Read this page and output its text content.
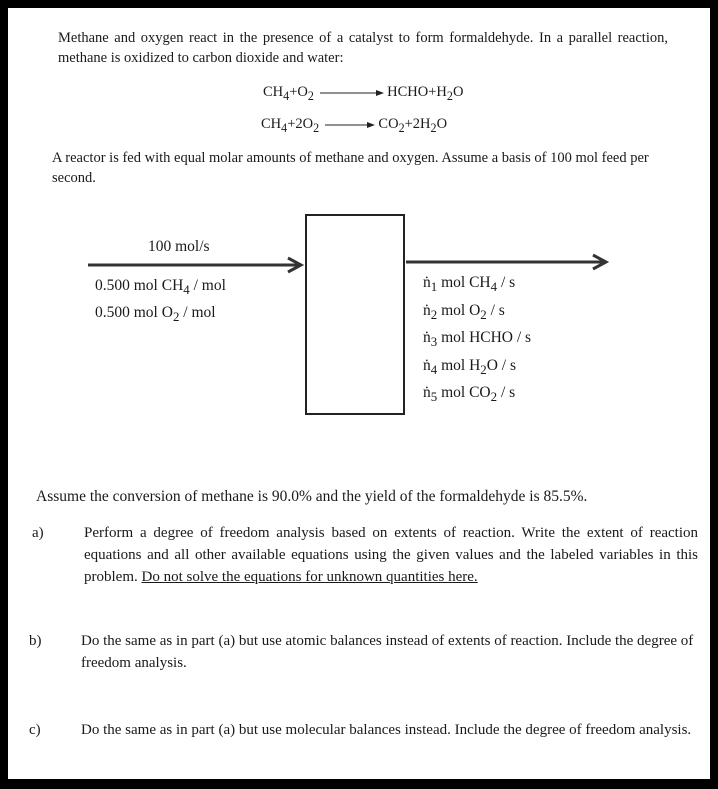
Methane and oxygen react in the presence of a catalyst to form formaldehyde. In a parallel reaction, methane is oxidized to carbon dioxide and water:
$CH_4+O_2$	$HCHO+H_2O$
$CH_4+2O_2 \to CO_2+2H_2O$
A reactor is fed with equal molar amounts of methane and oxygen. Assume a basis of 100 mol feed per second.
100 mol/s
0.500 mol $CH_4$ / mol
0.500 mol $O_2$ / mol
ṅ$_1$ mol $CH_4$ / s
ṅ$_2$ mol $O_2$ / s
ṅ$_3$ mol HCHO / s
ṅ$_4$ mol $H_2O$ / s
ṅ$_5$ mol $CO_2$ / s
Assume the conversion of methane is 90.0% and the yield of the formaldehyde is 85.5%.
a)	Perform a degree of freedom analysis based on extents of reaction. Write the extent of reaction equations and all other available equations using the given values and the labeled variables in this problem. Do not solve the equations for unknown quantities here.
b)	Do the same as in part (a) but use atomic balances instead of extents of reaction. Include the degree of freedom analysis.
c)	Do the same as in part (a) but use molecular balances instead. Include the degree of freedom analysis.
